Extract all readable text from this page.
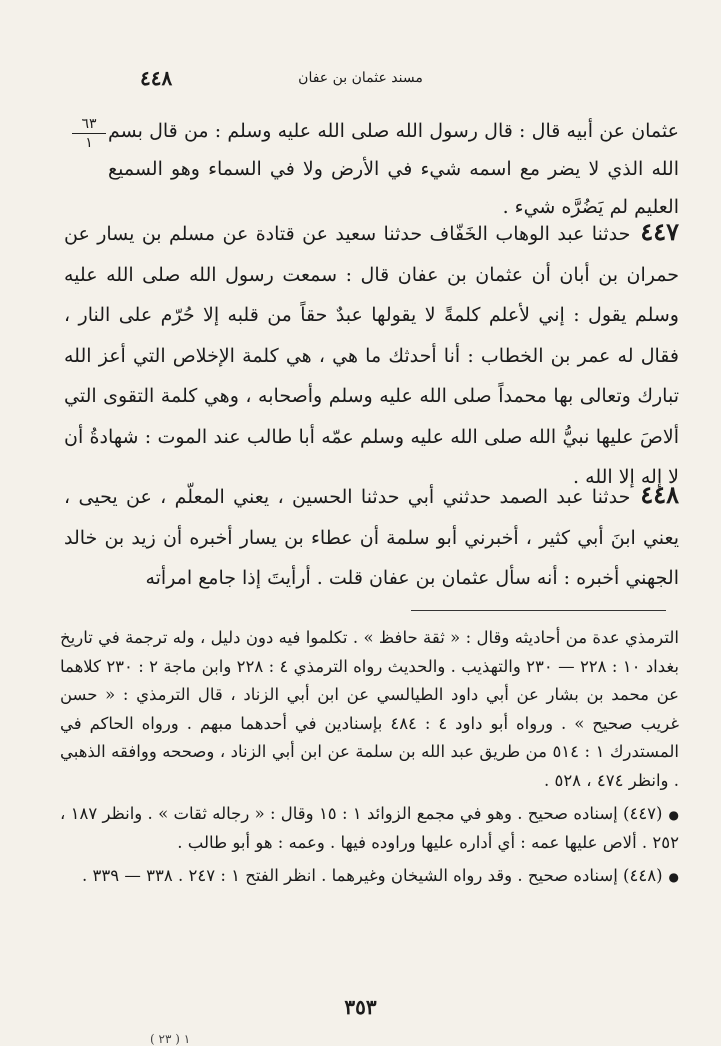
٤٤٨	مسند عثمان بن عفان
٦٣
١
عثمان عن أبيه قال : قال رسول الله صلى الله عليه وسلم : من قال بسم الله الذي لا يضر مع اسمه شيء في الأرض ولا في السماء وهو السميع العليم لم يَضُرَّه شيء .
٤٤٧حدثنا عبد الوهاب الخَفّاف حدثنا سعيد عن قتادة عن مسلم بن يسار عن حمران بن أبان أن عثمان بن عفان قال : سمعت رسول الله صلى الله عليه وسلم يقول : إني لأعلم كلمةً لا يقولها عبدٌ حقاً من قلبه إلا حُرّم على النار ، فقال له عمر بن الخطاب : أنا أحدثك ما هي ، هي كلمة الإخلاص التي أعز الله تبارك وتعالى بها محمداً صلى الله عليه وسلم وأصحابه ، وهي كلمة التقوى التي ألاصَ عليها نبيُّ الله صلى الله عليه وسلم عمّه أبا طالب عند الموت : شهادةُ أن لا إله إلا الله .
٤٤٨حدثنا عبد الصمد حدثني أبي حدثنا الحسين ، يعني المعلّم ، عن يحيى ، يعني ابنَ أبي كثير ، أخبرني أبو سلمة أن عطاء بن يسار أخبره أن زيد بن خالد الجهني أخبره : أنه سأل عثمان بن عفان قلت . أرأيتَ إذا جامع امرأته

الترمذي عدة من أحاديثه وقال : « ثقة حافظ » . تكلموا فيه دون دليل ، وله ترجمة في تاريخ بغداد ١٠ : ٢٢٨ — ٢٣٠ والتهذيب . والحديث رواه الترمذي ٤ : ٢٢٨ وابن ماجة ٢ : ٢٣٠ كلاهما عن محمد بن بشار عن أبي داود الطيالسي عن ابن أبي الزناد ، قال الترمذي : « حسن غريب صحيح » . ورواه أبو داود ٤ : ٤٨٤ بإسنادين في أحدهما مبهم . ورواه الحاكم في المستدرك ١ : ٥١٤ من طريق عبد الله بن سلمة عن ابن أبي الزناد ، وصححه ووافقه الذهبي . وانظر ٤٧٤ ، ٥٢٨ .

●(٤٤٧) إسناده صحيح . وهو في مجمع الزوائد ١ : ١٥ وقال : « رجاله ثقات » . وانظر ١٨٧ ، ٢٥٢ . ألاص عليها عمه : أي أداره عليها وراوده فيها . وعمه : هو أبو طالب .

●(٤٤٨) إسناده صحيح . وقد رواه الشيخان وغيرهما . انظر الفتح ١ : ٢٤٧ . ٣٣٨ — ٣٣٩ .

٣٥٣
( ٢٣ ) ١
